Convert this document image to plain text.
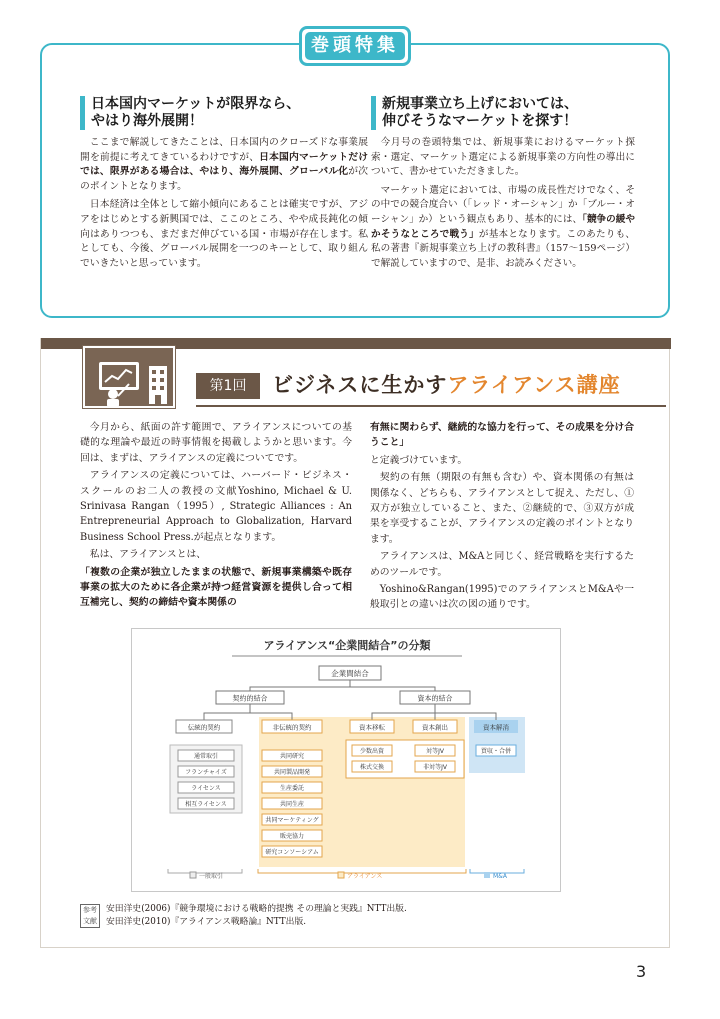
巻頭特集
日本国内マーケットが限界なら、
やはり海外展開！

ここまで解説してきたことは、日本国内のクローズドな事業展開を前提に考えてきているわけですが、日本国内マーケットだけでは、限界がある場合は、やはり、海外展開、グローバル化が次のポイントとなります。

日本経済は全体として縮小傾向にあることは確実ですが、アジアをはじめとする新興国では、ここのところ、やや成長鈍化の傾向はありつつも、まだまだ伸びている国・市場が存在します。私としても、今後、グローバル展開を一つのキーとして、取り組んでいきたいと思っています。

新規事業立ち上げにおいては、
伸びそうなマーケットを探す！

今月号の巻頭特集では、新規事業におけるマーケット探索・選定、マーケット選定による新規事業の方向性の導出について、書かせていただきました。

マーケット選定においては、市場の成長性だけでなく、その中での競合度合い（「レッド・オーシャン」か「ブルー・オーシャン」か）という観点もあり、基本的には、「競争の緩やかそうなところで戦う」が基本となります。このあたりも、私の著書『新規事業立ち上げの教科書』（157〜159ページ）で解説していますので、是非、お読みください。

第1回	ビジネスに生かすアライアンス講座

今月から、紙面の許す範囲で、アライアンスについての基礎的な理論や最近の時事情報を掲載しようかと思います。今回は、まずは、アライアンスの定義についてです。

アライアンスの定義については、ハーバード・ビジネス・スクールのお二人の教授の文献Yoshino, Michael & U. Srinivasa Rangan（1995）, Strategic Alliances : An Entrepreneurial Approach to Globalization, Harvard Business School Press.が起点となります。

私は、アライアンスとは、

「複数の企業が独立したままの状態で、新規事業構築や既存事業の拡大のために各企業が持つ経営資源を提供し合って相互補完し、契約の締結や資本関係の

有無に関わらず、継続的な協力を行って、その成果を分け合うこと」

と定義づけています。

契約の有無（期限の有無も含む）や、資本関係の有無は関係なく、どちらも、アライアンスとして捉え、ただし、①双方が独立していること、また、②継続的で、③双方が成果を享受することが、アライアンスの定義のポイントとなります。

アライアンスは、M&Aと同じく、経営戦略を実行するためのツールです。

Yoshino&Rangan(1995)でのアライアンスとM&Aや一般取引との違いは次の図の通りです。

アライアンス“企業間結合”の分類
企業間結合
契約的結合	資本的結合
伝統的契約	非伝統的契約	資本移転	資本創出	資本解消
通常取引
フランチャイズ
ライセンス
相互ライセンス
共同研究
共同製品開発
生産委託
共同生産
共同マーケティング
販売協力
研究コンソーシアム
少数出資
株式交換
対等JV
非対等JV
買収・合併
一般取引	アライアンス	M&A
参考
文献
安田洋史(2006)『競争環境における戦略的提携 その理論と実践』NTT出版.
安田洋史(2010)『アライアンス戦略論』NTT出版.
3
